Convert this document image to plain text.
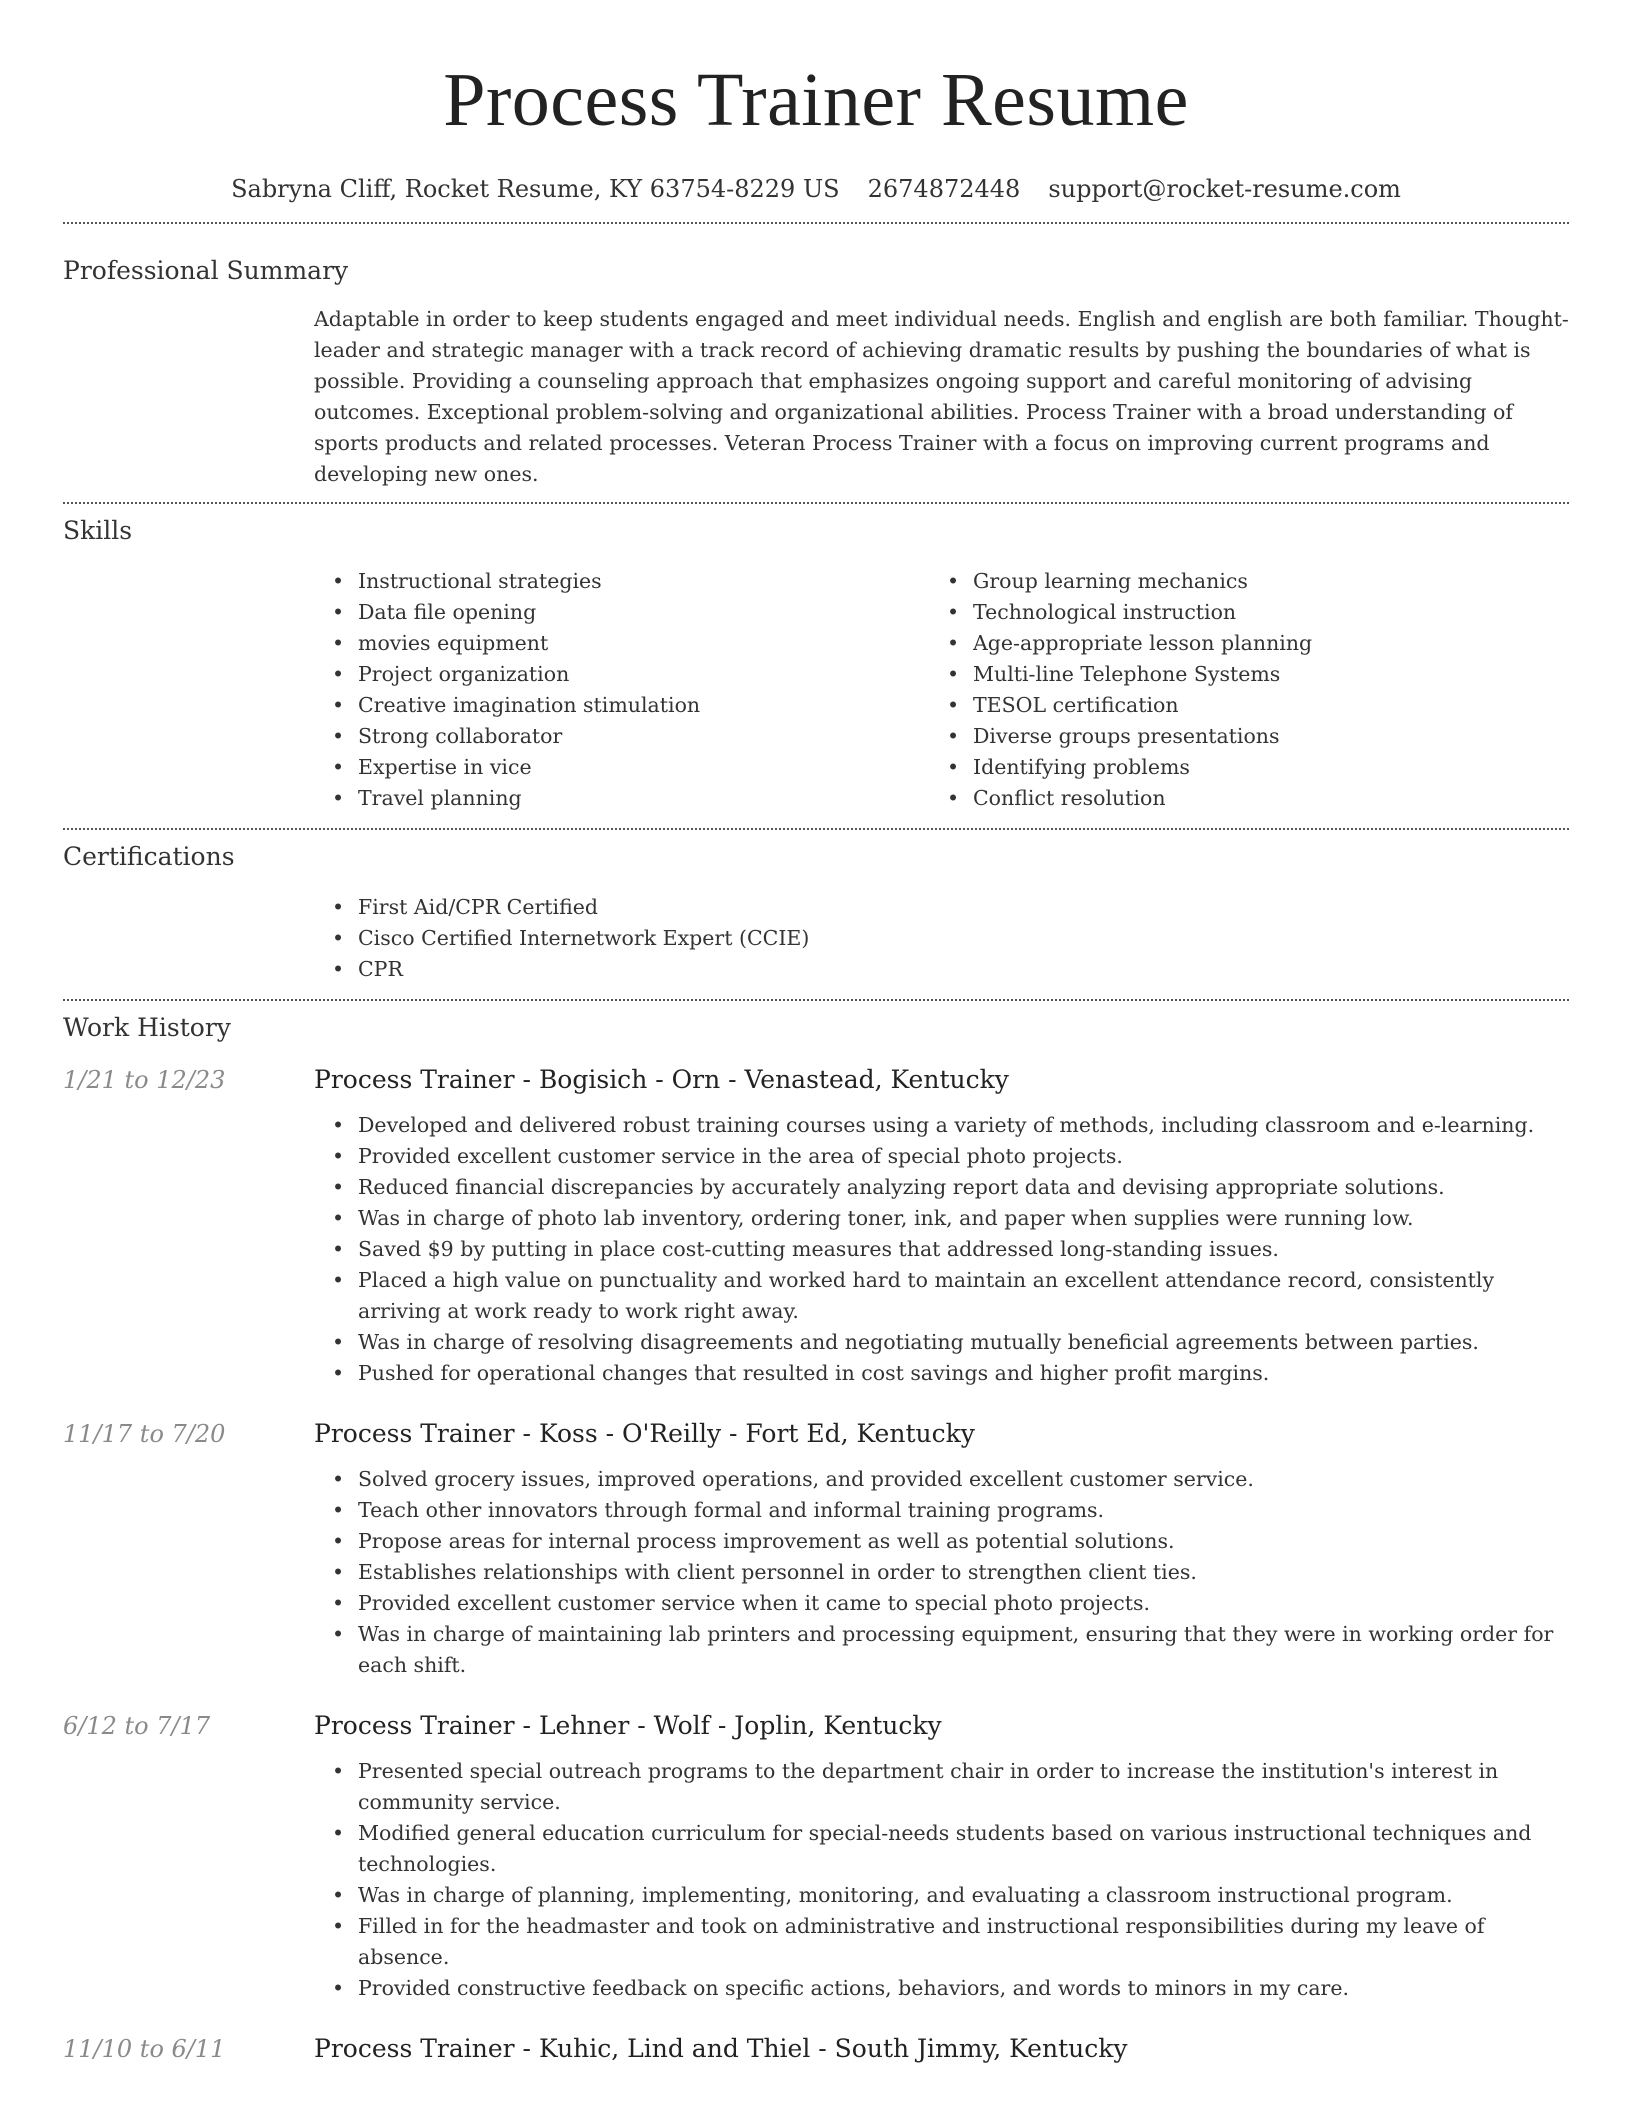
Process Trainer Resume
Sabryna Cliff, Rocket Resume, KY 63754-8229 US 2674872448 support@rocket-resume.com
Professional Summary

Adaptable in order to keep students engaged and meet individual needs. English and english are both familiar. Thought-leader and strategic manager with a track record of achieving dramatic results by pushing the boundaries of what is possible. Providing a counseling approach that emphasizes ongoing support and careful monitoring of advising outcomes. Exceptional problem-solving and organizational abilities. Process Trainer with a broad understanding of sports products and related processes. Veteran Process Trainer with a focus on improving current programs and developing new ones.

Skills
• Instructional strategies
• Data file opening
• movies equipment
• Project organization
• Creative imagination stimulation
• Strong collaborator
• Expertise in vice
• Travel planning
• Group learning mechanics
• Technological instruction
• Age-appropriate lesson planning
• Multi-line Telephone Systems
• TESOL certification
• Diverse groups presentations
• Identifying problems
• Conflict resolution
Certifications
• First Aid/CPR Certified
• Cisco Certified Internetwork Expert (CCIE)
• CPR
Work History
1/21 to 12/23	Process Trainer - Bogisich - Orn - Venastead, Kentucky
• Developed and delivered robust training courses using a variety of methods, including classroom and e-learning.
• Provided excellent customer service in the area of special photo projects.
• Reduced financial discrepancies by accurately analyzing report data and devising appropriate solutions.
• Was in charge of photo lab inventory, ordering toner, ink, and paper when supplies were running low.
• Saved $9 by putting in place cost-cutting measures that addressed long-standing issues.
• Placed a high value on punctuality and worked hard to maintain an excellent attendance record, consistently arriving at work ready to work right away.
• Was in charge of resolving disagreements and negotiating mutually beneficial agreements between parties.
• Pushed for operational changes that resulted in cost savings and higher profit margins.
11/17 to 7/20	Process Trainer - Koss - O'Reilly - Fort Ed, Kentucky
• Solved grocery issues, improved operations, and provided excellent customer service.
• Teach other innovators through formal and informal training programs.
• Propose areas for internal process improvement as well as potential solutions.
• Establishes relationships with client personnel in order to strengthen client ties.
• Provided excellent customer service when it came to special photo projects.
• Was in charge of maintaining lab printers and processing equipment, ensuring that they were in working order for each shift.
6/12 to 7/17	Process Trainer - Lehner - Wolf - Joplin, Kentucky
• Presented special outreach programs to the department chair in order to increase the institution's interest in community service.
• Modified general education curriculum for special-needs students based on various instructional techniques and technologies.
• Was in charge of planning, implementing, monitoring, and evaluating a classroom instructional program.
• Filled in for the headmaster and took on administrative and instructional responsibilities during my leave of absence.
• Provided constructive feedback on specific actions, behaviors, and words to minors in my care.
11/10 to 6/11	Process Trainer - Kuhic, Lind and Thiel - South Jimmy, Kentucky
